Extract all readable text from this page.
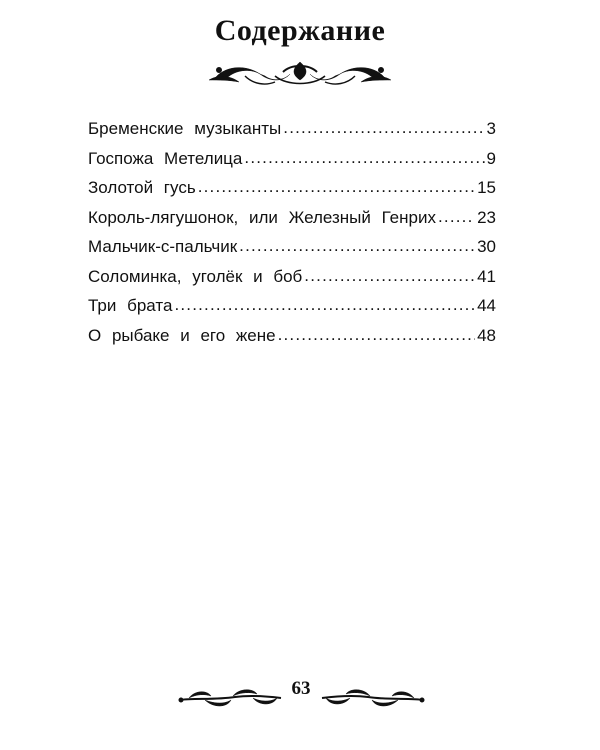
Содержание
Бременские музыканты .....	3
Госпожа Метелица .....	9
Золотой гусь .....	15
Король-лягушонок, или Железный Генрих ..... 23
Мальчик-с-пальчик .....	30
Соломинка, уголёк и боб .....	41
Три брата .....	44
О рыбаке и его жене .....	48
63
